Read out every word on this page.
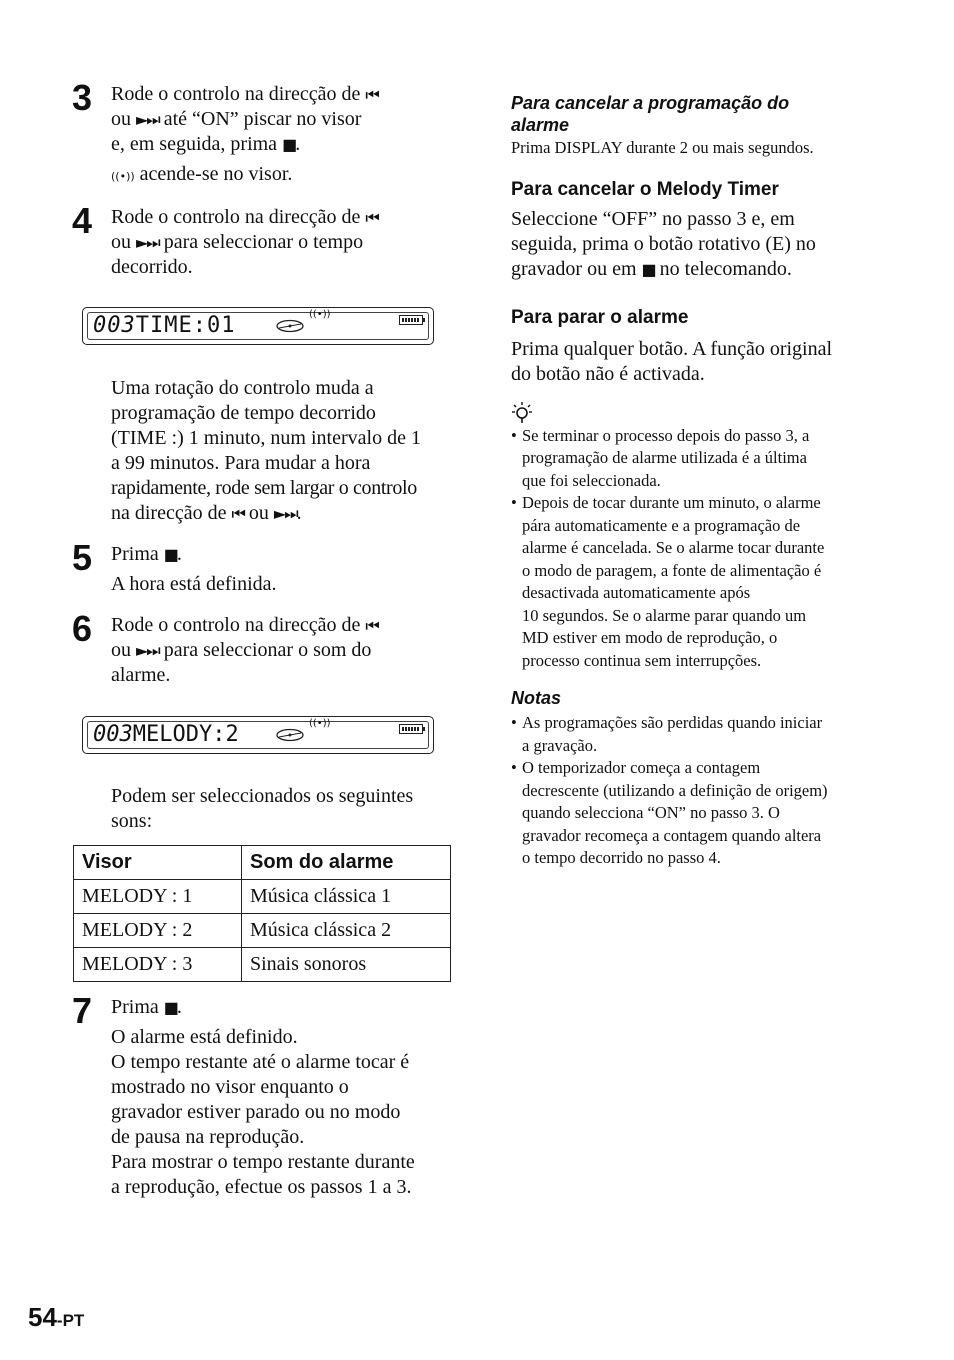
3 Rode o controlo na direcção de ⏮
ou ►⏭ até “ON” piscar no visor
e, em seguida, prima ■.
((•)) acende-se no visor.
4 Rode o controlo na direcção de ⏮
ou ►⏭ para seleccionar o tempo
decorrido.
003TIME:01	((•))
Uma rotação do controlo muda a
programação de tempo decorrido
(TIME :) 1 minuto, num intervalo de 1
a 99 minutos. Para mudar a hora
rapidamente, rode sem largar o controlo
na direcção de ⏮ ou ►⏭.
5 Prima ■.
A hora está definida.
6 Rode o controlo na direcção de ⏮
ou ►⏭ para seleccionar o som do
alarme.
003MELODY:2	((•))
Podem ser seleccionados os seguintes
sons:
Visor	Som do alarme
MELODY : 1	Música clássica 1
MELODY : 2	Música clássica 2
MELODY : 3	Sinais sonoros
7 Prima ■.
O alarme está definido.
O tempo restante até o alarme tocar é
mostrado no visor enquanto o
gravador estiver parado ou no modo
de pausa na reprodução.
Para mostrar o tempo restante durante
a reprodução, efectue os passos 1 a 3.
Para cancelar a programação do
alarme
Prima DISPLAY durante 2 ou mais segundos.
Para cancelar o Melody Timer
Seleccione “OFF” no passo 3 e, em
seguida, prima o botão rotativo (E) no
gravador ou em ■ no telecomando.
Para parar o alarme
Prima qualquer botão. A função original
do botão não é activada.
• Se terminar o processo depois do passo 3, a
programação de alarme utilizada é a última
que foi seleccionada.
• Depois de tocar durante um minuto, o alarme
pára automaticamente e a programação de
alarme é cancelada. Se o alarme tocar durante
o modo de paragem, a fonte de alimentação é
desactivada automaticamente após
10 segundos. Se o alarme parar quando um
MD estiver em modo de reprodução, o
processo continua sem interrupções.
Notas
• As programações são perdidas quando iniciar
a gravação.
• O temporizador começa a contagem
decrescente (utilizando a definição de origem)
quando selecciona “ON” no passo 3. O
gravador recomeça a contagem quando altera
o tempo decorrido no passo 4.
54-PT
